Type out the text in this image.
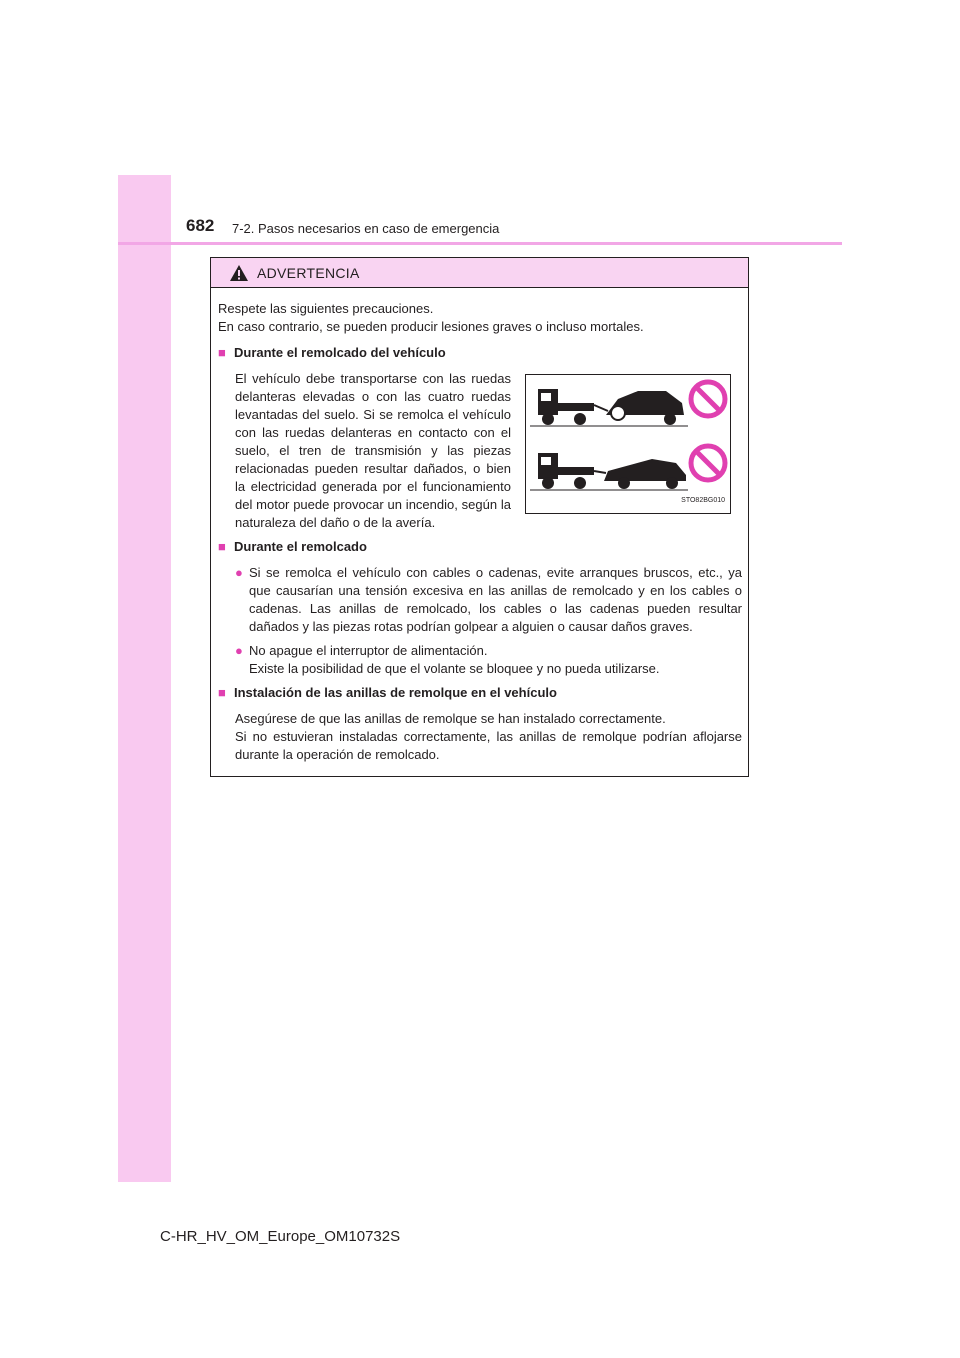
682 7-2. Pasos necesarios en caso de emergencia
ADVERTENCIA

Respete las siguientes precauciones.
En caso contrario, se pueden producir lesiones graves o incluso mortales.

■ Durante el remolcado del vehículo
El vehículo debe transportarse con las ruedas delanteras elevadas o con las cuatro ruedas levantadas del suelo. Si se remolca el vehículo con las ruedas delanteras en contacto con el suelo, el tren de transmisión y las piezas relacionadas pueden resultar dañados, o bien la electricidad generada por el funcionamiento del motor puede provocar un incendio, según la naturaleza del daño o de la avería.
STO82BG010
■ Durante el remolcado
● Si se remolca el vehículo con cables o cadenas, evite arranques bruscos, etc., ya que causarían una tensión excesiva en las anillas de remolcado y en los cables o cadenas. Las anillas de remolcado, los cables o las cadenas pueden resultar dañados y las piezas rotas podrían golpear a alguien o causar daños graves.
● No apague el interruptor de alimentación.
Existe la posibilidad de que el volante se bloquee y no pueda utilizarse.
■ Instalación de las anillas de remolque en el vehículo
Asegúrese de que las anillas de remolque se han instalado correctamente.
Si no estuvieran instaladas correctamente, las anillas de remolque podrían aflojarse durante la operación de remolcado.
C-HR_HV_OM_Europe_OM10732S
